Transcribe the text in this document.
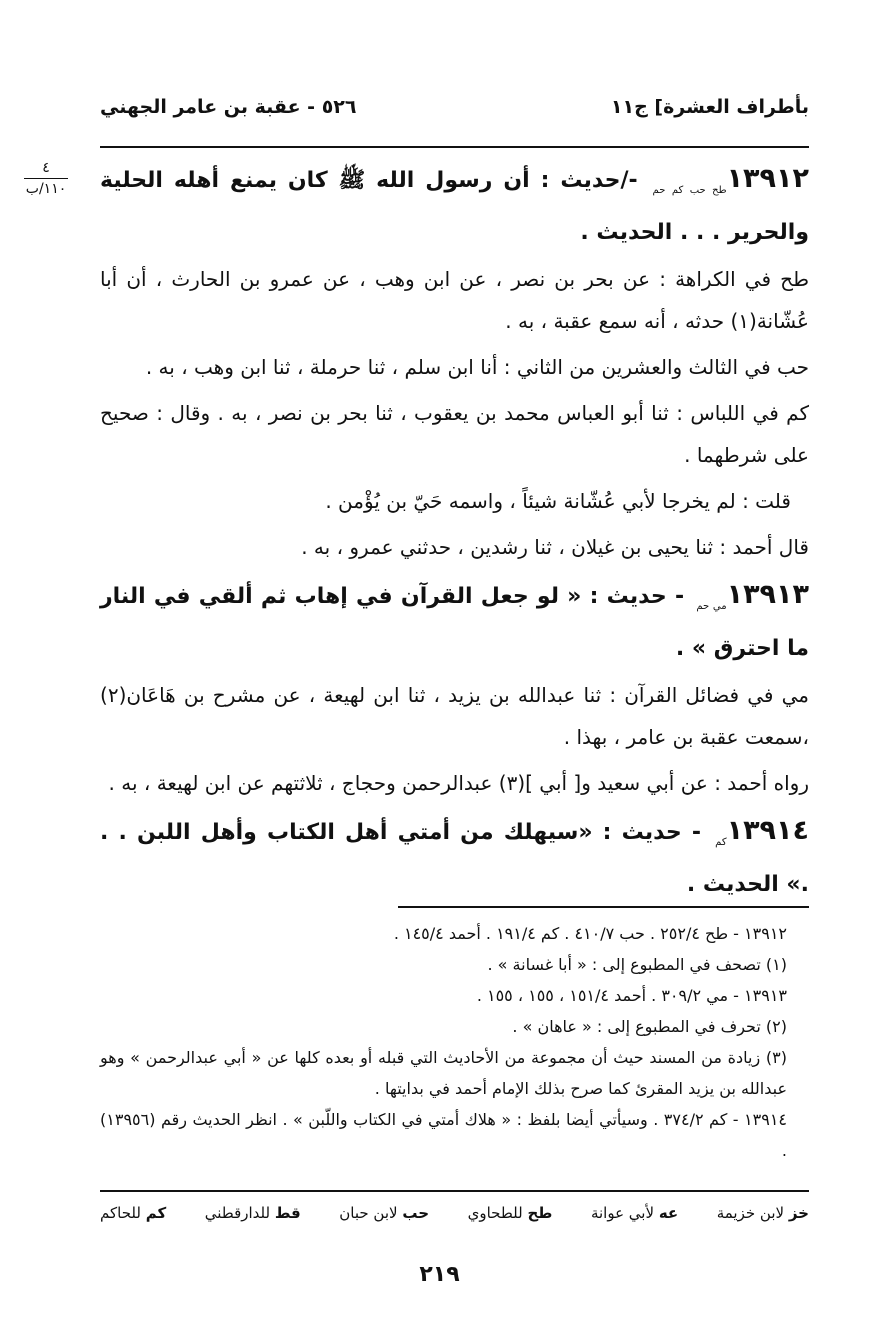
بأطراف العشرة] ج١١
٥٢٦ - عقبة بن عامر الجهني
٤
١١٠/ب	$١٣٩١٢_{طح حب كم حم}$ -/حديث : أن رسول الله ﷺ كان يمنع أهله الحلية والحرير . . . الحديث .

طح في الكراهة : عن بحر بن نصر ، عن ابن وهب ، عن عمرو بن الحارث ، أن أبا عُشّانة(١) حدثه ، أنه سمع عقبة ، به .

حب في الثالث والعشرين من الثاني : أنا ابن سلم ، ثنا حرملة ، ثنا ابن وهب ، به .

كم في اللباس : ثنا أبو العباس محمد بن يعقوب ، ثنا بحر بن نصر ، به . وقال : صحيح على شرطهما .

قلت : لم يخرجا لأبي عُشّانة شيئاً ، واسمه حَيّ بن يُؤْمن .

قال أحمد : ثنا يحيى بن غيلان ، ثنا رشدين ، حدثني عمرو ، به .

$١٣٩١٣_{مي حم}$ - حديث : « لو جعل القرآن في إهاب ثم ألقي في النار ما احترق » .

مي في فضائل القرآن : ثنا عبدالله بن يزيد ، ثنا ابن لهيعة ، عن مشرح بن هَاعَان(٢) ،سمعت عقبة بن عامر ، بهذا .

رواه أحمد : عن أبي سعيد و[ أبي ](٣) عبدالرحمن وحجاج ، ثلاثتهم عن ابن لهيعة ، به .

$١٣٩١٤_{كم}$ - حديث : «سيهلك من أمتي أهل الكتاب وأهل اللبن . . .» الحديث .

١٣٩١٢ - طح ٢٥٢/٤ . حب ٤١٠/٧ . كم ١٩١/٤ . أحمد ١٤٥/٤ .

(١) تصحف في المطبوع إلى : « أبا غسانة » .

١٣٩١٣ - مي ٣٠٩/٢ . أحمد ١٥١/٤ ، ١٥٥ ، ١٥٥ .

(٢) تحرف في المطبوع إلى : « عاهان » .

(٣) زيادة من المسند حيث أن مجموعة من الأحاديث التي قبله أو بعده كلها عن « أبي عبدالرحمن » وهو عبدالله بن يزيد المقرئ كما صرح بذلك الإمام أحمد في بدايتها .

١٣٩١٤ - كم ٣٧٤/٢ . وسيأتي أيضا بلفظ : « هلاك أمتي في الكتاب واللّبن » . انظر الحديث رقم (١٣٩٥٦) .

خز لابن خزيمة
عه لأبي عوانة
طح للطحاوي
حب لابن حبان
قط للدارقطني
كم للحاكم
٢١٩
